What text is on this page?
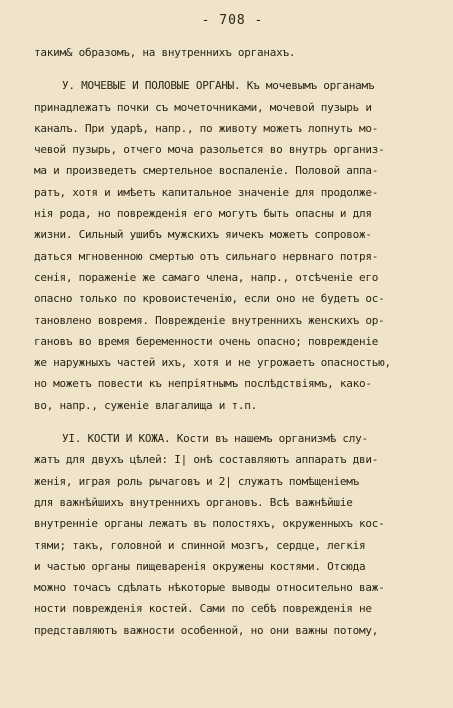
- 708 -
таким& образомъ, на внутреннихъ органахъ.
У. МОЧЕВЫЕ И ПОЛОВЫЕ ОРГАНЫ. Къ мочевымъ органамъ
принадлежатъ почки съ мочеточниками, мочевой пузырь и
каналъ. При ударѣ, напр., по животу можетъ лопнуть мо-
чевой пузырь, отчего моча разольется во внутрь организ-
ма и произведетъ смертельное воспаленіе. Половой аппа-
ратъ, хотя и имѣетъ капитальное значеніе для продолже-
нія рода, но поврежденія его могутъ быть опасны и для
жизни. Сильный ушибъ мужскихъ яичекъ можетъ сопровож-
даться мгновенною смертью отъ сильнаго нервнаго потря-
сенія, пораженіе же самаго члена, напр., отсѣченіе его
опасно только по кровоистеченію, если оно не будетъ ос-
тановлено вовремя. Поврежденіе внутреннихъ женскихъ ор-
гановъ во время беременности очень опасно; поврежденіе
же наружныхъ частей ихъ, хотя и не угрожаетъ опасностью,
но можетъ повести къ непріятнымъ послѣдствіямъ, како-
во, напр., суженіе влагалища и т.п.
УI. КОСТИ И КОЖА. Кости въ нашемъ организмѣ слу-
жатъ для двухъ цѣлей: I| онѣ составляютъ аппаратъ дви-
женія, играя роль рычаговъ и 2| служатъ помѣщеніемъ
для важнѣйшихъ внутреннихъ органовъ. Всѣ важнѣйшіе
внутренніе органы лежатъ въ полостяхъ, окруженныхъ кос-
тями; такъ, головной и спинной мозгъ, сердце, легкія
и частью органы пищеваренія окружены костями. Отсюда
можно точасъ сдѣлать нѣкоторые выводы относительно важ-
ности поврежденія костей. Сами по себѣ поврежденія не
представляютъ важности особенной, но они важны потому,
